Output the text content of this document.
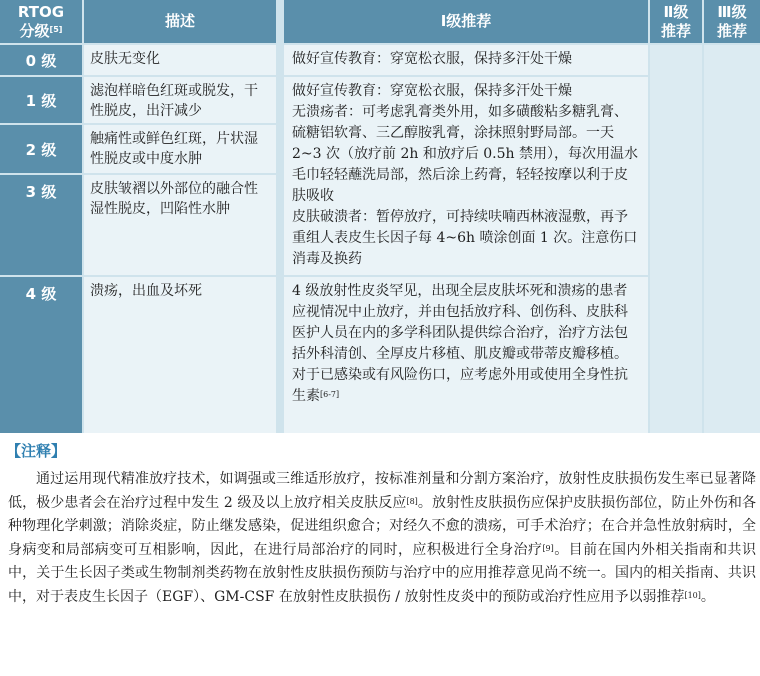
RTOG
分级[5]	描述	Ⅰ级推荐
Ⅱ级
推荐
Ⅲ级
推荐
0 级
1 级
2 级
3 级
4 级
皮肤无变化
滤泡样暗色红斑或脱发，干性脱皮，出汗减少
触痛性或鲜色红斑，片状湿性脱皮或中度水肿
皮肤皱褶以外部位的融合性湿性脱皮，凹陷性水肿
溃疡，出血及坏死
做好宣传教育：穿宽松衣服，保持多汗处干燥
做好宣传教育：穿宽松衣服，保持多汗处干燥
无溃疡者：可考虑乳膏类外用，如多磺酸粘多糖乳膏、硫糖铝软膏、三乙醇胺乳膏，涂抹照射野局部。一天 2~3 次（放疗前 2h 和放疗后 0.5h 禁用），每次用温水毛巾轻轻蘸洗局部，然后涂上药膏，轻轻按摩以利于皮肤吸收
皮肤破溃者：暂停放疗，可持续呋喃西林液湿敷，再予重组人表皮生长因子每 4~6h 喷涂创面 1 次。注意伤口消毒及换药
4 级放射性皮炎罕见，出现全层皮肤坏死和溃疡的患者应视情况中止放疗，并由包括放疗科、创伤科、皮肤科医护人员在内的多学科团队提供综合治疗，治疗方法包括外科清创、全厚皮片移植、肌皮瓣或带蒂皮瓣移植。对于已感染或有风险伤口，应考虑外用或使用全身性抗生素[6-7]
【注释】
通过运用现代精准放疗技术，如调强或三维适形放疗，按标准剂量和分割方案治疗，放射性皮肤损伤发生率已显著降低，极少患者会在治疗过程中发生 2 级及以上放疗相关皮肤反应[8]。放射性皮肤损伤应保护皮肤损伤部位，防止外伤和各种物理化学刺激；消除炎症，防止继发感染，促进组织愈合；对经久不愈的溃疡，可手术治疗；在合并急性放射病时，全身病变和局部病变可互相影响，因此，在进行局部治疗的同时，应积极进行全身治疗[9]。目前在国内外相关指南和共识中，关于生长因子类或生物制剂类药物在放射性皮肤损伤预防与治疗中的应用推荐意见尚不统一。国内的相关指南、共识中，对于表皮生长因子（EGF）、GM-CSF 在放射性皮肤损伤 / 放射性皮炎中的预防或治疗性应用予以弱推荐[10]。
